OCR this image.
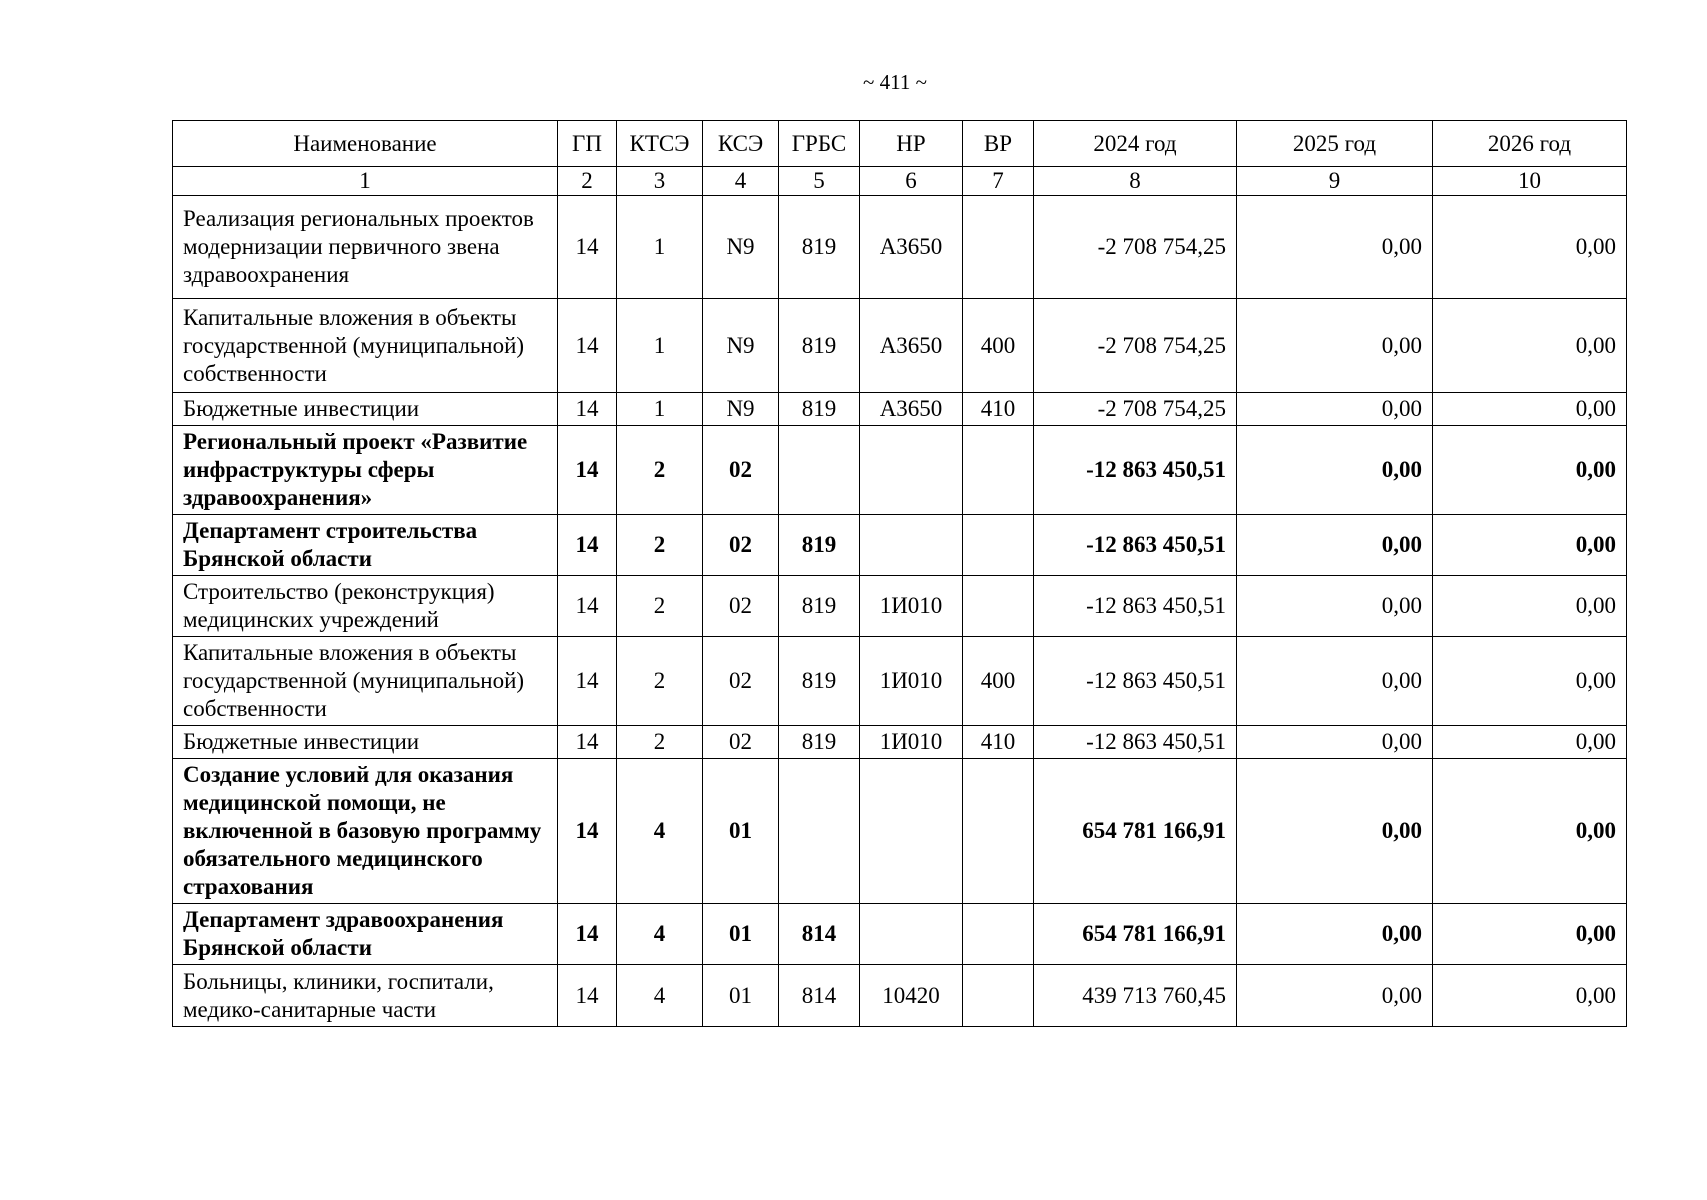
~ 411 ~
Наименование	ГП	КТСЭ	КСЭ	ГРБС	НР	ВР	2024 год	2025 год	2026 год
1	2	3	4	5	6	7	8	9	10
Реализация региональных проектов модернизации первичного звена здравоохранения	14	1	N9	819	А3650		-2 708 754,25	0,00	0,00
Капитальные вложения в объекты государственной (муниципальной) собственности	14	1	N9	819	А3650	400	-2 708 754,25	0,00	0,00
Бюджетные инвестиции	14	1	N9	819	А3650	410	-2 708 754,25	0,00	0,00
Региональный проект «Развитие инфраструктуры сферы здравоохранения»	14	2	02				-12 863 450,51	0,00	0,00
Департамент строительства Брянской области	14	2	02	819			-12 863 450,51	0,00	0,00
Строительство (реконструкция) медицинских учреждений	14	2	02	819	1И010		-12 863 450,51	0,00	0,00
Капитальные вложения в объекты государственной (муниципальной) собственности	14	2	02	819	1И010	400	-12 863 450,51	0,00	0,00
Бюджетные инвестиции	14	2	02	819	1И010	410	-12 863 450,51	0,00	0,00
Создание условий для оказания медицинской помощи, не включенной в базовую программу обязательного медицинского страхования	14	4	01				654 781 166,91	0,00	0,00
Департамент здравоохранения Брянской области	14	4	01	814			654 781 166,91	0,00	0,00
Больницы, клиники, госпитали, медико-санитарные части	14	4	01	814	10420		439 713 760,45	0,00	0,00
